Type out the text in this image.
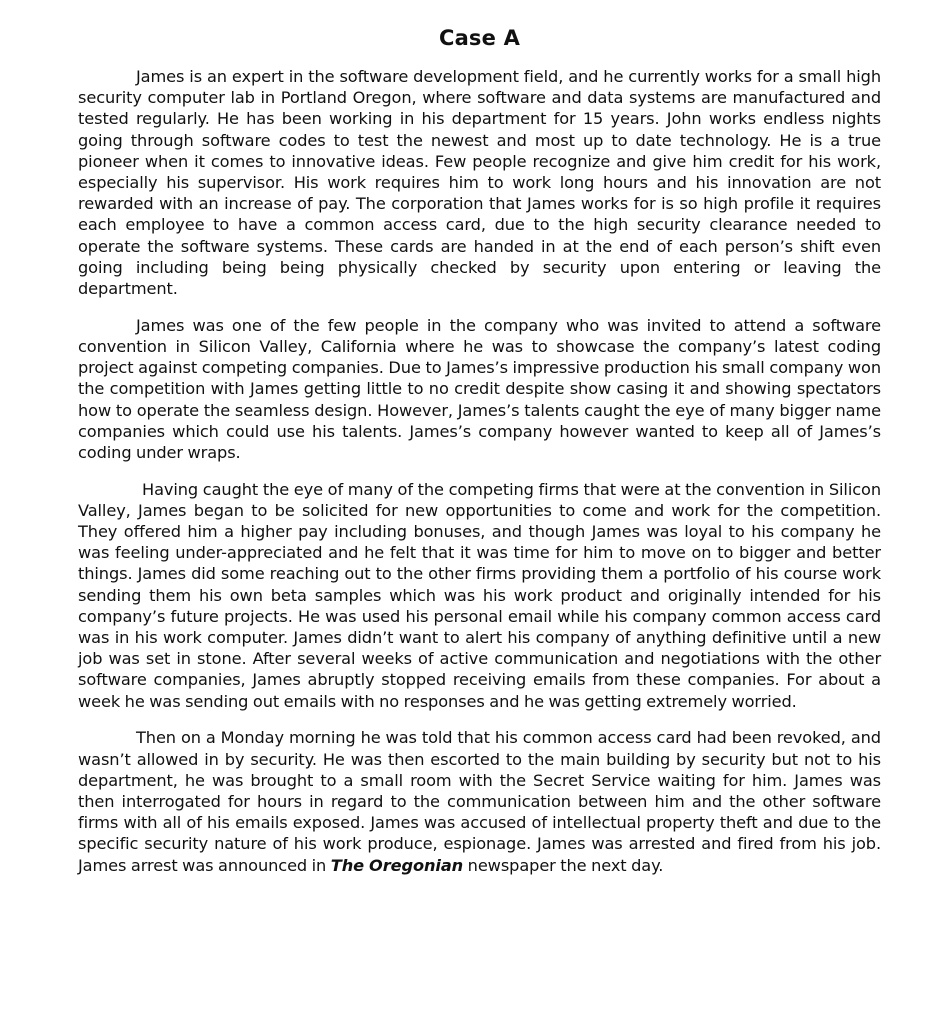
Case A

James is an expert in the software development field, and he currently works for a small high security computer lab in Portland Oregon, where software and data systems are manufactured and tested regularly. He has been working in his department for 15 years. John works endless nights going through software codes to test the newest and most up to date technology. He is a true pioneer when it comes to innovative ideas. Few people recognize and give him credit for his work, especially his supervisor. His work requires him to work long hours and his innovation are not rewarded with an increase of pay. The corporation that James works for is so high profile it requires each employee to have a common access card, due to the high security clearance needed to operate the software systems. These cards are handed in at the end of each person’s shift even going including being being physically checked by security upon entering or leaving the department.

James was one of the few people in the company who was invited to attend a software convention in Silicon Valley, California where he was to showcase the company’s latest coding project against competing companies. Due to James’s impressive production his small company won the competition with James getting little to no credit despite show casing it and showing spectators how to operate the seamless design. However, James’s talents caught the eye of many bigger name companies which could use his talents. James’s company however wanted to keep all of James’s coding under wraps.

Having caught the eye of many of the competing firms that were at the convention in Silicon Valley, James began to be solicited for new opportunities to come and work for the competition. They offered him a higher pay including bonuses, and though James was loyal to his company he was feeling under-appreciated and he felt that it was time for him to move on to bigger and better things. James did some reaching out to the other firms providing them a portfolio of his course work sending them his own beta samples which was his work product and originally intended for his company’s future projects. He was used his personal email while his company common access card was in his work computer. James didn’t want to alert his company of anything definitive until a new job was set in stone. After several weeks of active communication and negotiations with the other software companies, James abruptly stopped receiving emails from these companies. For about a week he was sending out emails with no responses and he was getting extremely worried.

Then on a Monday morning he was told that his common access card had been revoked, and wasn’t allowed in by security. He was then escorted to the main building by security but not to his department, he was brought to a small room with the Secret Service waiting for him. James was then interrogated for hours in regard to the communication between him and the other software firms with all of his emails exposed. James was accused of intellectual property theft and due to the specific security nature of his work produce, espionage. James was arrested and fired from his job. James arrest was announced in The Oregonian newspaper the next day.
